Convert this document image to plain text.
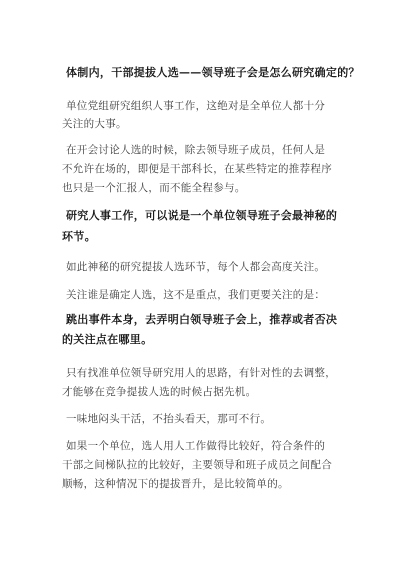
体制内，干部提拔人选——领导班子会是怎么研究确定的？
单位党组研究组织人事工作，这绝对是全单位人都十分
关注的大事。
在开会讨论人选的时候，除去领导班子成员，任何人是
不允许在场的，即便是干部科长，在某些特定的推荐程序
也只是一个汇报人，而不能全程参与。
研究人事工作，可以说是一个单位领导班子会最神秘的
环节。
如此神秘的研究提拔人选环节，每个人都会高度关注。
关注谁是确定人选，这不是重点，我们更要关注的是：
跳出事件本身，去弄明白领导班子会上，推荐或者否决
的关注点在哪里。
只有找准单位领导研究用人的思路，有针对性的去调整，
才能够在竞争提拔人选的时候占据先机。
一味地闷头干活，不抬头看天，那可不行。
如果一个单位，选人用人工作做得比较好，符合条件的
干部之间梯队拉的比较好，主要领导和班子成员之间配合
顺畅，这种情况下的提拔晋升，是比较简单的。
